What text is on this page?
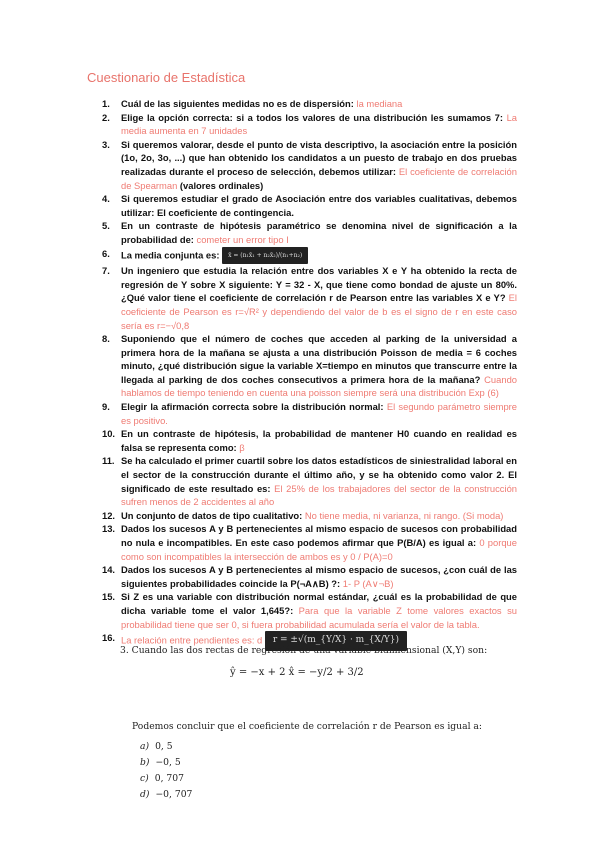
Cuestionario de Estadística
1. Cuál de las siguientes medidas no es de dispersión: la mediana
2. Elige la opción correcta: si a todos los valores de una distribución les sumamos 7: La media aumenta en 7 unidades
3. Si queremos valorar, desde el punto de vista descriptivo, la asociación entre la posición (1o, 2o, 3o, ...) que han obtenido los candidatos a un puesto de trabajo en dos pruebas realizadas durante el proceso de selección, debemos utilizar: El coeficiente de correlación de Spearman (valores ordinales)
4. Si queremos estudiar el grado de Asociación entre dos variables cualitativas, debemos utilizar: El coeficiente de contingencia.
5. En un contraste de hipótesis paramétrico se denomina nivel de significación a la probabilidad de: cometer un error tipo I
6. La media conjunta es: x̄ = (n₁x̄₁ + n₂x̄₂)/(n₁+n₂)
7. Un ingeniero que estudia la relación entre dos variables X e Y ha obtenido la recta de regresión de Y sobre X siguiente: Y = 32 - X, que tiene como bondad de ajuste un 80%. ¿Qué valor tiene el coeficiente de correlación r de Pearson entre las variables X e Y? El coeficiente de Pearson es r=√R² y dependiendo del valor de b es el signo de r en este caso sería es r=−√0,8
8. Suponiendo que el número de coches que acceden al parking de la universidad a primera hora de la mañana se ajusta a una distribución Poisson de media = 6 coches minuto, ¿qué distribución sigue la variable X=tiempo en minutos que transcurre entre la llegada al parking de dos coches consecutivos a primera hora de la mañana? Cuando hablamos de tiempo teniendo en cuenta una poisson siempre será una distribución Exp (6)
9. Elegir la afirmación correcta sobre la distribución normal: El segundo parámetro siempre es positivo.
10. En un contraste de hipótesis, la probabilidad de mantener H0 cuando en realidad es falsa se representa como: β
11. Se ha calculado el primer cuartil sobre los datos estadísticos de siniestralidad laboral en el sector de la construcción durante el último año, y se ha obtenido como valor 2. El significado de este resultado es: El 25% de los trabajadores del sector de la construcción sufren menos de 2 accidentes al año
12. Un conjunto de datos de tipo cualitativo: No tiene media, ni varianza, ni rango. (Si moda)
13. Dados los sucesos A y B pertenecientes al mismo espacio de sucesos con probabilidad no nula e incompatibles. En este caso podemos afirmar que P(B/A) es igual a: 0 porque como son incompatibles la intersección de ambos es y 0 / P(A)=0
14. Dados los sucesos A y B pertenecientes al mismo espacio de sucesos, ¿con cuál de las siguientes probabilidades coincide la P(¬A∧B) ?: 1- P (A∨¬B)
15. Si Z es una variable con distribución normal estándar, ¿cuál es la probabilidad de que dicha variable tome el valor 1,645?: Para que la variable Z tome valores exactos su probabilidad tiene que ser 0, si fuera probabilidad acumulada sería el valor de la tabla.
16. La relación entre pendientes es: d r = ±√(m_{Y/X} · m_{X/Y})
3. Cuando las dos rectas de regresión de una variable bidimensional (X,Y) son:
ŷ = −x + 2 x̂ = −y/2 + 3/2
Podemos concluir que el coeficiente de correlación r de Pearson es igual a:
a) 0, 5
b) −0, 5
c) 0, 707
d) −0, 707
